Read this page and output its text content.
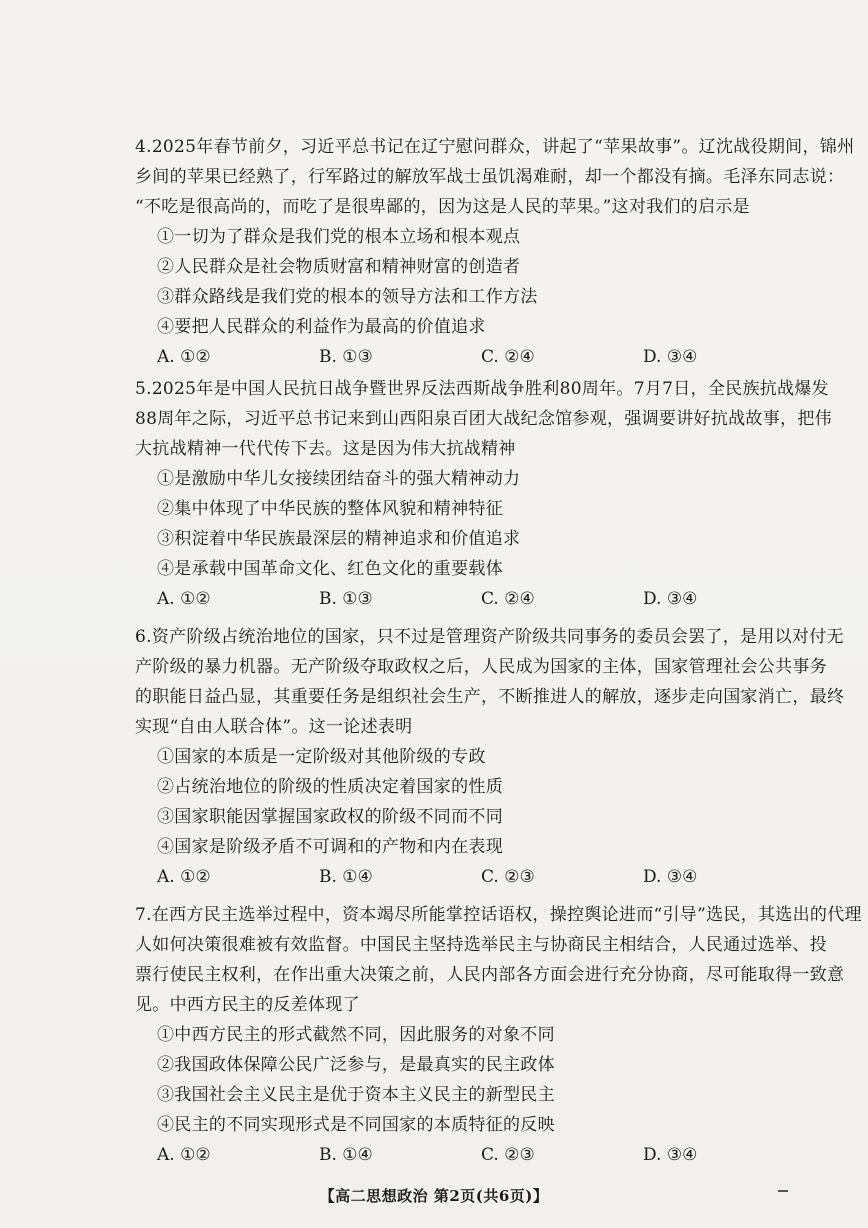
4.2025年春节前夕，习近平总书记在辽宁慰问群众，讲起了“苹果故事”。辽沈战役期间，锦州
乡间的苹果已经熟了，行军路过的解放军战士虽饥渴难耐，却一个都没有摘。毛泽东同志说：
“不吃是很高尚的，而吃了是很卑鄙的，因为这是人民的苹果。”这对我们的启示是
①一切为了群众是我们党的根本立场和根本观点
②人民群众是社会物质财富和精神财富的创造者
③群众路线是我们党的根本的领导方法和工作方法
④要把人民群众的利益作为最高的价值追求
A. ①②	B. ①③	C. ②④	D. ③④
5.2025年是中国人民抗日战争暨世界反法西斯战争胜利80周年。7月7日，全民族抗战爆发
88周年之际，习近平总书记来到山西阳泉百团大战纪念馆参观，强调要讲好抗战故事，把伟
大抗战精神一代代传下去。这是因为伟大抗战精神
①是激励中华儿女接续团结奋斗的强大精神动力
②集中体现了中华民族的整体风貌和精神特征
③积淀着中华民族最深层的精神追求和价值追求
④是承载中国革命文化、红色文化的重要载体
A. ①②	B. ①③	C. ②④	D. ③④
6.资产阶级占统治地位的国家，只不过是管理资产阶级共同事务的委员会罢了，是用以对付无
产阶级的暴力机器。无产阶级夺取政权之后，人民成为国家的主体，国家管理社会公共事务
的职能日益凸显，其重要任务是组织社会生产，不断推进人的解放，逐步走向国家消亡，最终
实现“自由人联合体”。这一论述表明
①国家的本质是一定阶级对其他阶级的专政
②占统治地位的阶级的性质决定着国家的性质
③国家职能因掌握国家政权的阶级不同而不同
④国家是阶级矛盾不可调和的产物和内在表现
A. ①②	B. ①④	C. ②③	D. ③④
7.在西方民主选举过程中，资本竭尽所能掌控话语权，操控舆论进而“引导”选民，其选出的代理
人如何决策很难被有效监督。中国民主坚持选举民主与协商民主相结合，人民通过选举、投
票行使民主权利，在作出重大决策之前，人民内部各方面会进行充分协商，尽可能取得一致意
见。中西方民主的反差体现了
①中西方民主的形式截然不同，因此服务的对象不同
②我国政体保障公民广泛参与，是最真实的民主政体
③我国社会主义民主是优于资本主义民主的新型民主
④民主的不同实现形式是不同国家的本质特征的反映
A. ①②	B. ①④	C. ②③	D. ③④
【高二思想政治 第2页(共6页)】
